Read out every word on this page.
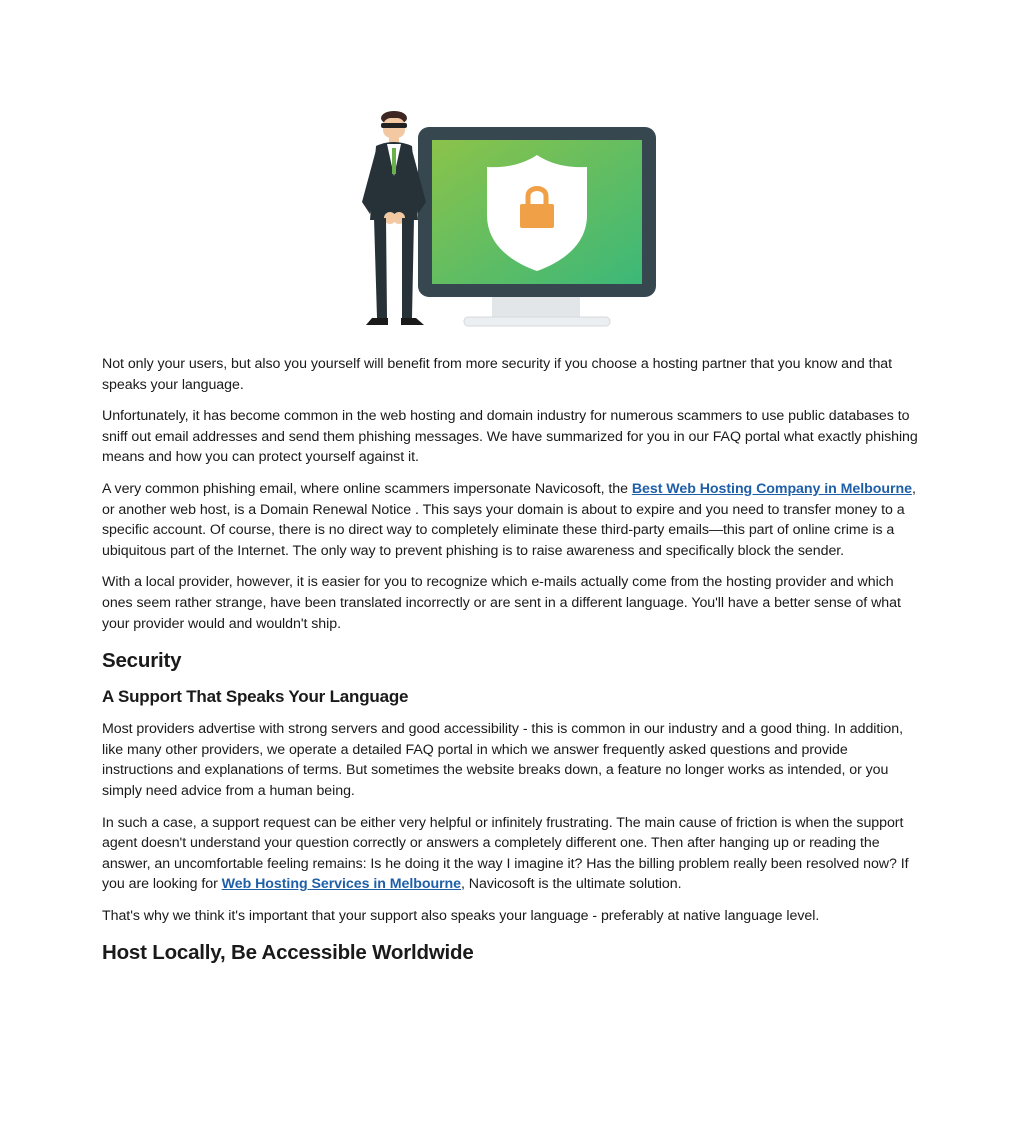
Not only your users, but also you yourself will benefit from more security if you choose a hosting partner that you know and that speaks your language.

Unfortunately, it has become common in the web hosting and domain industry for numerous scammers to use public databases to sniff out email addresses and send them phishing messages. We have summarized for you in our FAQ portal what exactly phishing means and how you can protect yourself against it.

A very common phishing email, where online scammers impersonate Navicosoft, the Best Web Hosting Company in Melbourne, or another web host, is a Domain Renewal Notice . This says your domain is about to expire and you need to transfer money to a specific account. Of course, there is no direct way to completely eliminate these third-party emails—this part of online crime is a ubiquitous part of the Internet. The only way to prevent phishing is to raise awareness and specifically block the sender.

With a local provider, however, it is easier for you to recognize which e-mails actually come from the hosting provider and which ones seem rather strange, have been translated incorrectly or are sent in a different language. You'll have a better sense of what your provider would and wouldn't ship.

Security
A Support That Speaks Your Language

Most providers advertise with strong servers and good accessibility - this is common in our industry and a good thing. In addition, like many other providers, we operate a detailed FAQ portal in which we answer frequently asked questions and provide instructions and explanations of terms. But sometimes the website breaks down, a feature no longer works as intended, or you simply need advice from a human being.

In such a case, a support request can be either very helpful or infinitely frustrating. The main cause of friction is when the support agent doesn't understand your question correctly or answers a completely different one. Then after hanging up or reading the answer, an uncomfortable feeling remains: Is he doing it the way I imagine it? Has the billing problem really been resolved now? If you are looking for Web Hosting Services in Melbourne, Navicosoft is the ultimate solution.

That's why we think it's important that your support also speaks your language - preferably at native language level.

Host Locally, Be Accessible Worldwide
